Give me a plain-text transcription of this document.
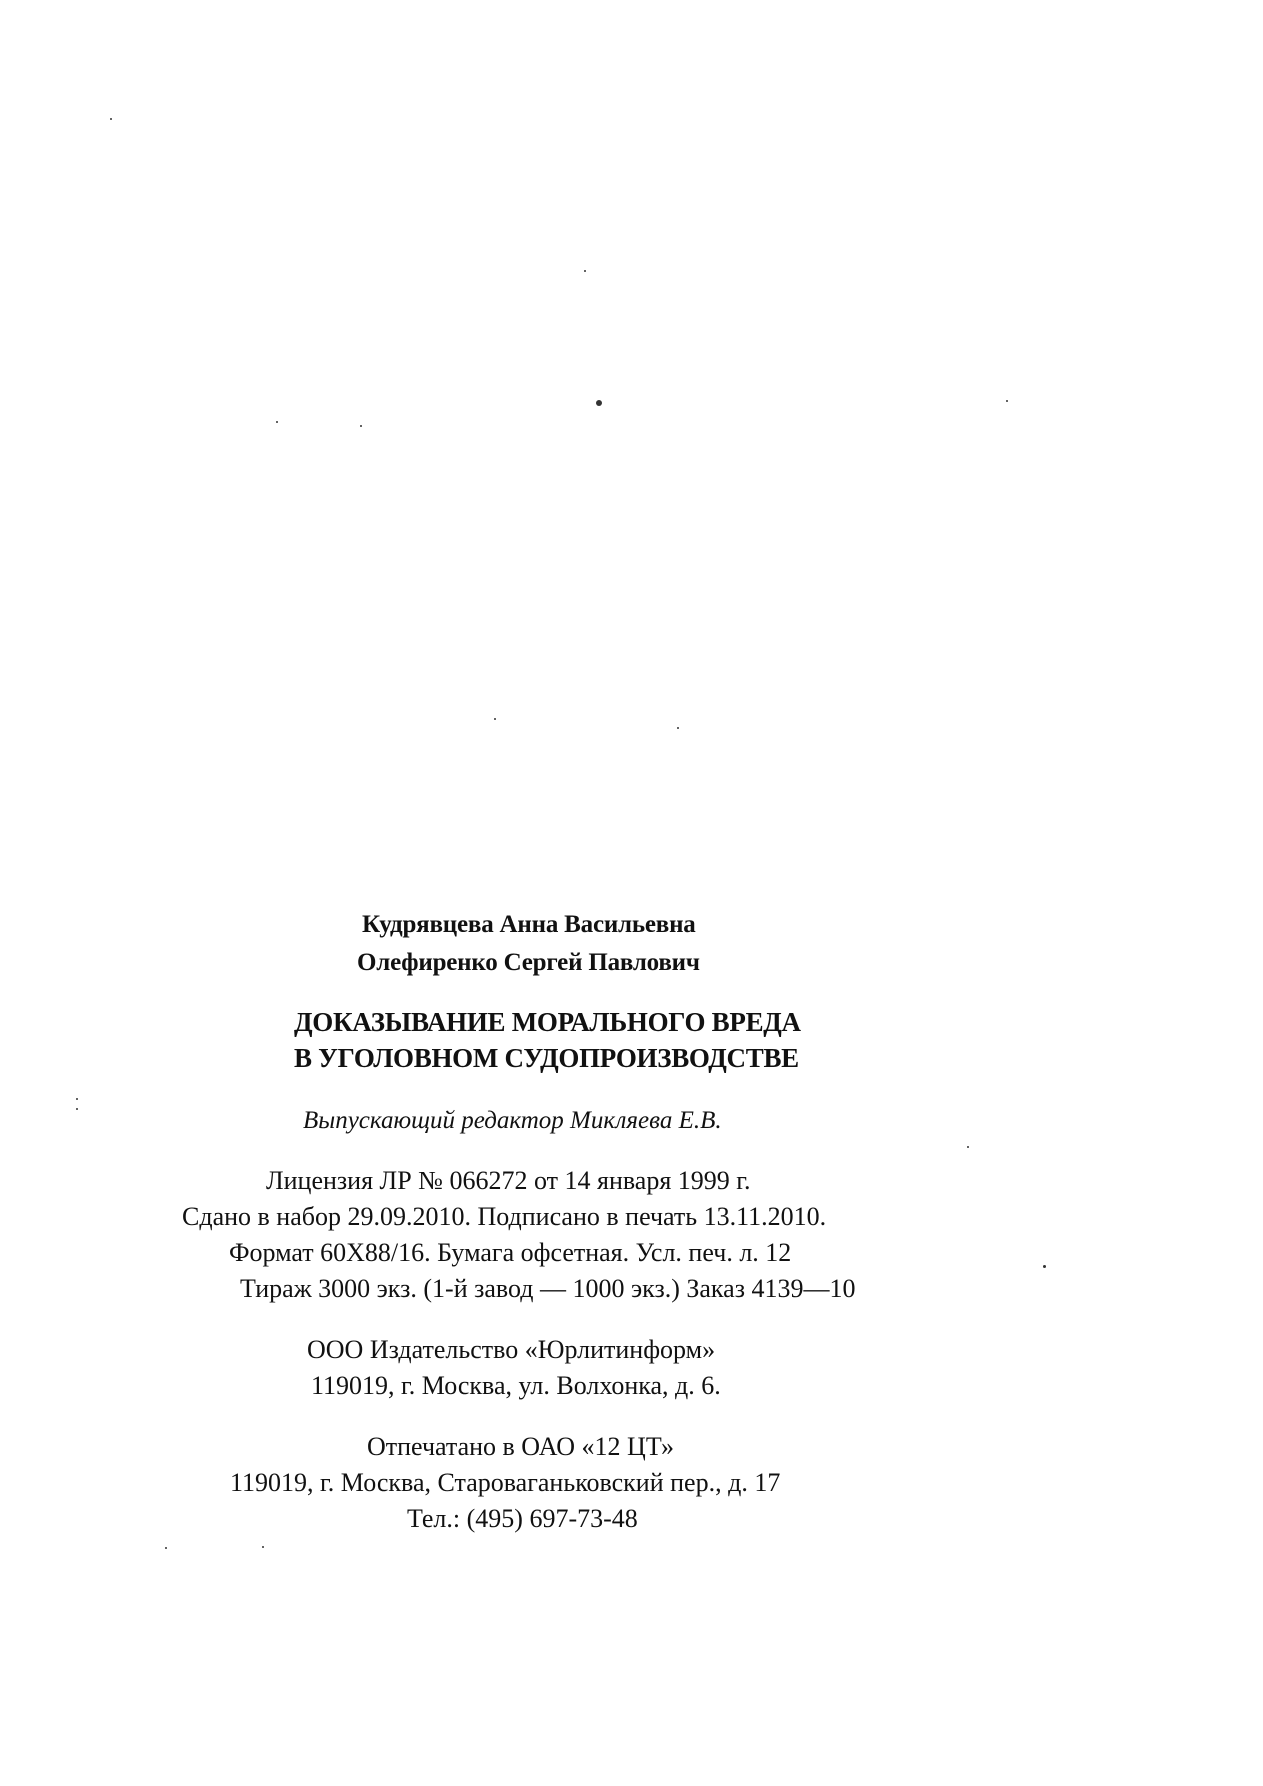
Кудрявцева Анна Васильевна
Олефиренко Сергей Павлович
ДОКАЗЫВАНИЕ МОРАЛЬНОГО ВРЕДА
В УГОЛОВНОМ СУДОПРОИЗВОДСТВЕ
Выпускающий редактор Микляева Е.В.
Лицензия ЛР № 066272 от 14 января 1999 г.
Сдано в набор 29.09.2010. Подписано в печать 13.11.2010.
Формат 60Х88/16. Бумага офсетная. Усл. печ. л. 12
Тираж 3000 экз. (1-й завод — 1000 экз.) Заказ 4139—10
ООО Издательство «Юрлитинформ»
119019, г. Москва, ул. Волхонка, д. 6.
Отпечатано в ОАО «12 ЦТ»
119019, г. Москва, Староваганьковский пер., д. 17
Тел.: (495) 697-73-48
